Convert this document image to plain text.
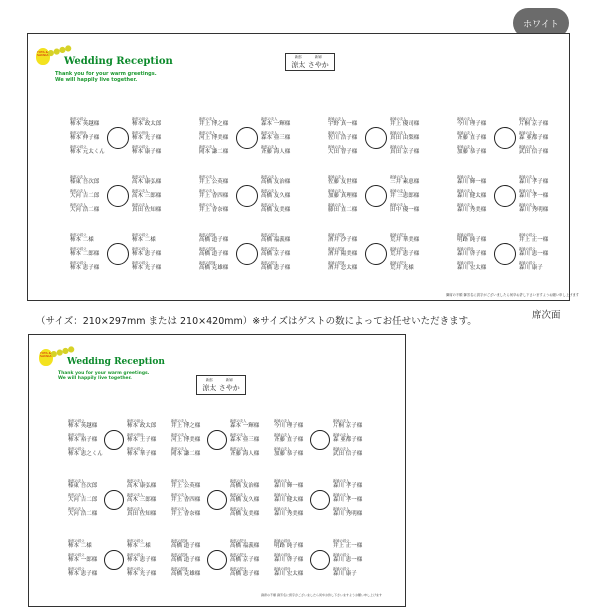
ホワイト
YUTA & SAYAKA
●●●●
Wedding Reception
Thank you for your warm greetings.
We will happily live together.
新郎
涼太
新婦
さやか
新郎の叔父
柿本 英越様
新郎の伯母
柿本 伸子様
新郎の叔父
柿本 元太くん
新郎の祖父
柿本 政太郎
新郎の伯母
柿本 光子様
新郎の叔父
柿本 康子様
新郎の友人
井上 博之様
新郎の友人
河上 博美様
新郎の友人
岡本 謙二様
新郎の友人
森本 一輝様
新郎の友人
森本 亜三様
新郎の友人
斉藤 海人様
新婦の友人
宇野 真一様
新婦の友人
佐川 浩子様
新婦の友人
大田 智子様
新婦の友人
井上 優司様
新婦の友人
真田 由梨様
新婦の友人
真田 京子様
新婦の友人
今川 理子様
新婦の友人
斉藤 直子様
新婦の友人
加藤 恭子様
新婦の友人
片桐 京子様
新婦の友人
森 亜都子様
新婦の友人
武田 信子様
新郎の友人
榛東 吾次郎
新郎の友人
大河 吉二郎
新郎の友人
大河 浩二様
新郎の友人
高木 康弘様
新郎の友人
高木 三郎様
新郎の友人
真田 佐知様
新郎の友人
井上 公英様
新郎の友人
井上 香四様
新郎の友人
井上 香奈様
新郎の友人
高橋 友治様
新郎の友人
高橋 友久様
新郎の友人
高橋 友美様
新婦の友人
佐藤 友世様
新婦の友人
加藤 真理様
新婦の友人
藤田 直二様
新婦の友人
三井 素恵様
新婦の友人
井 三恵郎様
新婦の友人
田中 優一様
新婦の友人
森川 輝一様
新婦の友人
森川 健太様
新婦の友人
森川 秀美様
新婦の友人
森川 孝子様
新婦の友人
森川 孝一様
新婦の友人
森川 秀明様
新郎の叔父
柿本 二様
新郎の叔父
柿本 二郎様
新郎の叔父
柿本 恵子様
新郎の叔父
柿本 二様
新郎の叔父
柿本 恵子様
新郎の叔父
柿本 光子様
新郎の従姉
高橋 道子様
新郎の従姉
高橋 道子様
新郎の従姉
高橋 克雄様
新郎の従兄
高橋 福義様
新郎の従兄
高橋 京子様
新郎の従兄
高橋 恵子様
新婦の従姉
酒井 沙子様
新婦の従姉
酒井 陽美様
新婦の従姉
酒井 恋太様
新婦の従兄
荒井 華美様
新婦の従兄
荒井 恵子様
新婦の従兄
荒井 光様
新婦の叔母
明路 純子様
新婦の叔母
森川 啓子様
新婦の叔母
森川 宏太様
新婦の叔父
井上 正一様
新婦の叔父
森川 恵一様
新婦の叔父
森川 康子
御席の不順 御芳名に誤字がございましたら何卒お許し下さいますようお願い申し上げます
（サイズ：210×297mm または 210×420mm）※サイズはゲストの数によってお任せいただきます。
席次面
YUTA & SAYAKA
●●●●
Wedding Reception
Thank you for your warm greetings.
We will happily live together.	新郎
涼太
新婦
さやか
新郎の叔父
柿本 英越様
新郎の伯母
柿本 裕子様
新郎の叔父
柿本 恵之くん
新郎の祖父
柿本 政太郎
新郎の伯母
柿本 王子様
新郎の叔父
柿本 華子様
新郎の友人
井上 博之様
新郎の友人
河上 博美様
新郎の友人
岡本 謙二様
新郎の友人
森本 一輝様
新郎の友人
森本 亜三様
新郎の友人
斉藤 海人様
新婦の友人
今川 理子様
新婦の友人
斉藤 直子様
新婦の友人
加藤 恭子様
新婦の友人
片桐 京子様
新婦の友人
森 亜都子様
新婦の友人
武田 信子様
新郎の友人
榛東 吾次郎
新郎の友人
大河 吉二郎
新郎の友人
大河 浩二様
新郎の友人
高木 康弘様
新郎の友人
高木 三郎様
新郎の友人
真田 佐知様
新郎の友人
井上 公英様
新郎の友人
井上 香四様
新郎の友人
井上 香奈様
新郎の友人
高橋 友治様
新郎の友人
高橋 友久様
新郎の友人
高橋 友美様
新婦の友人
森川 輝一様
新婦の友人
森川 健太様
新婦の友人
森川 秀美様
新婦の友人
森川 孝子様
新婦の友人
森川 孝一様
新婦の友人
森川 秀明様
新郎の叔父
柿本 二様
新郎の叔父
柿本 一郎様
新郎の叔父
柿本 恵子様
新郎の叔父
柿本 二様
新郎の叔父
柿本 恵子様
新郎の叔父
柿本 光子様
新郎の従姉
高橋 道子様
新郎の従姉
高橋 道子様
新郎の従姉
高橋 克雄様
新郎の従兄
高橋 福義様
新郎の従兄
高橋 京子様
新郎の従兄
高橋 恵子様
新婦の叔母
明路 純子様
新婦の叔母
森川 啓子様
新婦の叔母
森川 宏太様
新婦の叔父
井上 正一様
新婦の叔父
森川 恵一様
新婦の叔父
森川 康子
御席の不順 御芳名に誤字がございましたら何卒お許し下さいますようお願い申し上げます
